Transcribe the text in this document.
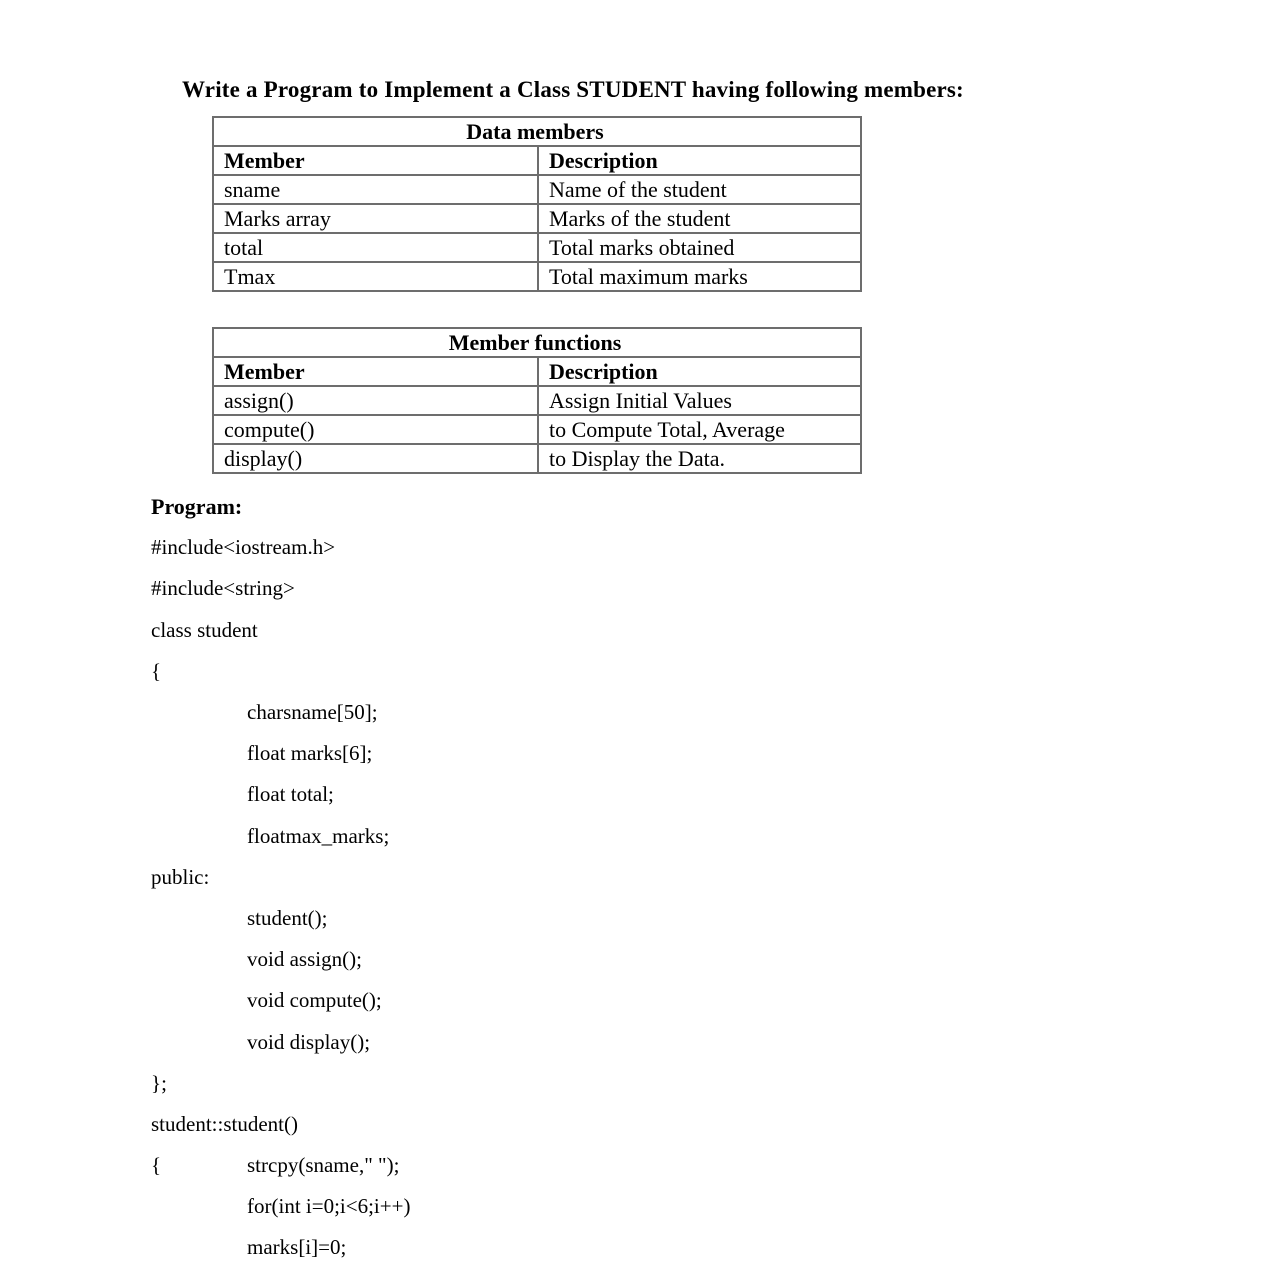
Write a Program to Implement a Class STUDENT having following members:
Data members	
Member	Description
sname	Name of the student
Marks array	Marks of the student
total	Total marks obtained
Tmax	Total maximum marks
Member functions	
Member	Description
assign()	Assign Initial Values
compute()	to Compute Total, Average
display()	to Display the Data.
Program:
#include<iostream.h>
#include<string>
class student
{
charsname[50];
float marks[6];
float total;
floatmax_marks;
public:
student();
void assign();
void compute();
void display();
};
student::student()
{	strcpy(sname," ");
for(int i=0;i<6;i++)
marks[i]=0;
